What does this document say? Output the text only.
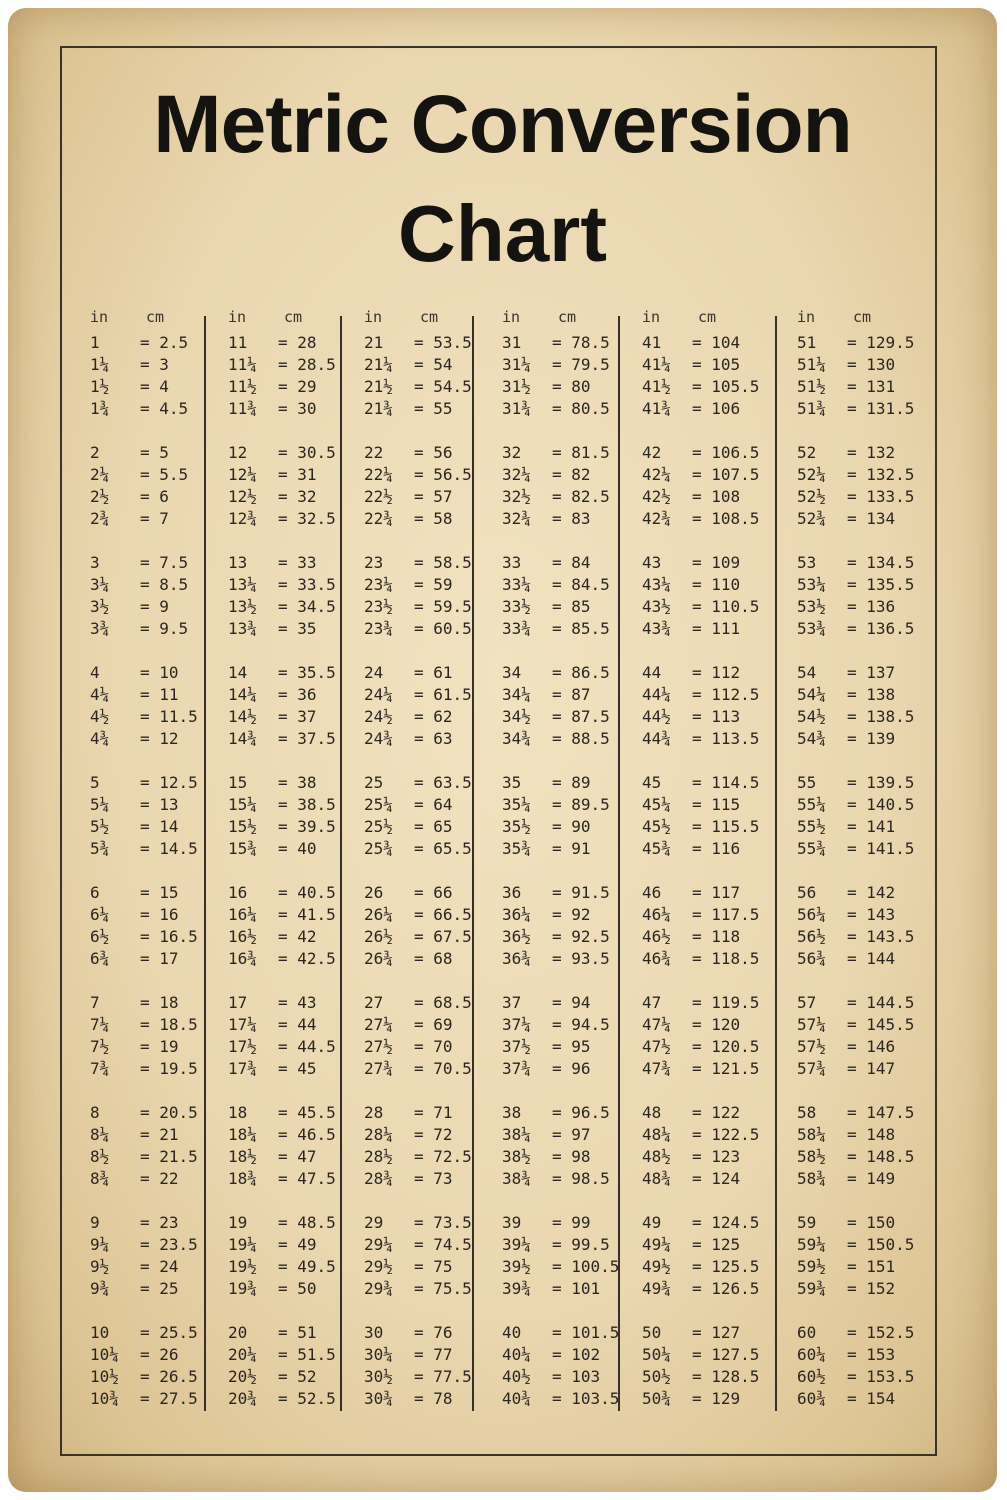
Metric Conversion
Chart
in	cm
1	= 2.5
1¼ = 3
1½ = 4
1¾ = 4.5
2	= 5
2¼ = 5.5
2½ = 6
2¾ = 7
3	= 7.5
3¼ = 8.5
3½ = 9
3¾ = 9.5
4	= 10
4¼ = 11
4½ = 11.5
4¾ = 12
5	= 12.5
5¼ = 13
5½ = 14
5¾ = 14.5
6	= 15
6¼ = 16
6½ = 16.5
6¾ = 17
7	= 18
7¼ = 18.5
7½ = 19
7¾ = 19.5
8	= 20.5
8¼ = 21
8½ = 21.5
8¾ = 22
9	= 23
9¼ = 23.5
9½ = 24
9¾ = 25
10 = 25.5
10¼ = 26
10½ = 26.5
10¾ = 27.5
in	cm
11 = 28
11¼ = 28.5
11½ = 29
11¾ = 30
12 = 30.5
12¼ = 31
12½ = 32
12¾ = 32.5
13 = 33
13¼ = 33.5
13½ = 34.5
13¾ = 35
14 = 35.5
14¼ = 36
14½ = 37
14¾ = 37.5
15 = 38
15¼ = 38.5
15½ = 39.5
15¾ = 40
16 = 40.5
16¼ = 41.5
16½ = 42
16¾ = 42.5
17 = 43
17¼ = 44
17½ = 44.5
17¾ = 45
18 = 45.5
18¼ = 46.5
18½ = 47
18¾ = 47.5
19 = 48.5
19¼ = 49
19½ = 49.5
19¾ = 50
20 = 51
20¼ = 51.5
20½ = 52
20¾ = 52.5
in	cm
21 = 53.5
21¼ = 54
21½ = 54.5
21¾ = 55
22 = 56
22¼ = 56.5
22½ = 57
22¾ = 58
23 = 58.5
23¼ = 59
23½ = 59.5
23¾ = 60.5
24 = 61
24¼ = 61.5
24½ = 62
24¾ = 63
25 = 63.5
25¼ = 64
25½ = 65
25¾ = 65.5
26 = 66
26¼ = 66.5
26½ = 67.5
26¾ = 68
27 = 68.5
27¼ = 69
27½ = 70
27¾ = 70.5
28 = 71
28¼ = 72
28½ = 72.5
28¾ = 73
29 = 73.5
29¼ = 74.5
29½ = 75
29¾ = 75.5
30 = 76
30¼ = 77
30½ = 77.5
30¾ = 78
in	cm
31 = 78.5
31¼ = 79.5
31½ = 80
31¾ = 80.5
32 = 81.5
32¼ = 82
32½ = 82.5
32¾ = 83
33 = 84
33¼ = 84.5
33½ = 85
33¾ = 85.5
34 = 86.5
34¼ = 87
34½ = 87.5
34¾ = 88.5
35 = 89
35¼ = 89.5
35½ = 90
35¾ = 91
36 = 91.5
36¼ = 92
36½ = 92.5
36¾ = 93.5
37 = 94
37¼ = 94.5
37½ = 95
37¾ = 96
38 = 96.5
38¼ = 97
38½ = 98
38¾ = 98.5
39 = 99
39¼ = 99.5
39½ = 100.5
39¾ = 101
40 = 101.5
40¼ = 102
40½ = 103
40¾ = 103.5
in	cm
41 = 104
41¼ = 105
41½ = 105.5
41¾ = 106
42 = 106.5
42¼ = 107.5
42½ = 108
42¾ = 108.5
43 = 109
43¼ = 110
43½ = 110.5
43¾ = 111
44 = 112
44¼ = 112.5
44½ = 113
44¾ = 113.5
45 = 114.5
45¼ = 115
45½ = 115.5
45¾ = 116
46 = 117
46¼ = 117.5
46½ = 118
46¾ = 118.5
47 = 119.5
47¼ = 120
47½ = 120.5
47¾ = 121.5
48 = 122
48¼ = 122.5
48½ = 123
48¾ = 124
49 = 124.5
49¼ = 125
49½ = 125.5
49¾ = 126.5
50 = 127
50¼ = 127.5
50½ = 128.5
50¾ = 129
in	cm
51 = 129.5
51¼ = 130
51½ = 131
51¾ = 131.5
52 = 132
52¼ = 132.5
52½ = 133.5
52¾ = 134
53 = 134.5
53¼ = 135.5
53½ = 136
53¾ = 136.5
54 = 137
54¼ = 138
54½ = 138.5
54¾ = 139
55 = 139.5
55¼ = 140.5
55½ = 141
55¾ = 141.5
56 = 142
56¼ = 143
56½ = 143.5
56¾ = 144
57 = 144.5
57¼ = 145.5
57½ = 146
57¾ = 147
58 = 147.5
58¼ = 148
58½ = 148.5
58¾ = 149
59 = 150
59¼ = 150.5
59½ = 151
59¾ = 152
60 = 152.5
60¼ = 153
60½ = 153.5
60¾ = 154
